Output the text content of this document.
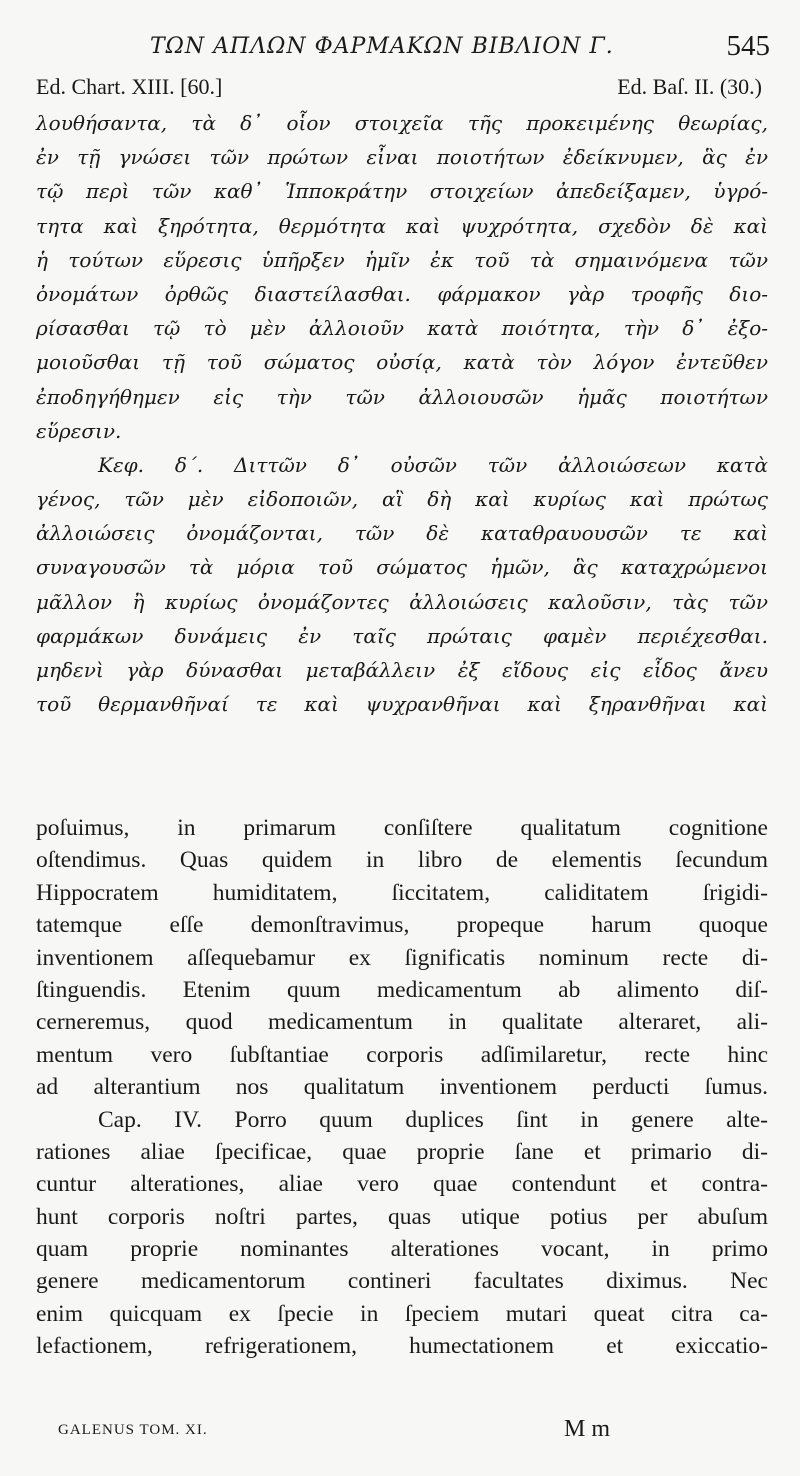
ΤΩΝ ΑΠΛΩΝ ΦΑΡΜΑΚΩΝ ΒΙΒΛΙΟΝ Γ.	545
Ed. Chart. XIII. [60.]	Ed. Baſ. II. (30.)
λουθήσαντα, τὰ δ᾽ οἷον στοιχεῖα τῆς προκειμένης θεωρίας,
ἐν τῇ γνώσει τῶν πρώτων εἶναι ποιοτήτων ἐδείκνυμεν, ἃς ἐν
τῷ περὶ τῶν καθ᾽ Ἱπποκράτην στοιχείων ἀπεδείξαμεν, ὑγρό-
τητα καὶ ξηρότητα, θερμότητα καὶ ψυχρότητα, σχεδὸν δὲ καὶ
ἡ τούτων εὕρεσις ὑπῆρξεν ἡμῖν ἐκ τοῦ τὰ σημαινόμενα τῶν
ὀνομάτων ὀρθῶς διαστείλασθαι. φάρμακον γὰρ τροφῆς διο-
ρίσασθαι τῷ τὸ μὲν ἀλλοιοῦν κατὰ ποιότητα, τὴν δ᾽ ἐξο-
μοιοῦσθαι τῇ τοῦ σώματος οὐσίᾳ, κατὰ τὸν λόγον ἐντεῦθεν
ἐποδηγήθημεν εἰς τὴν τῶν ἀλλοιουσῶν ἡμᾶς ποιοτήτων
εὕρεσιν.
Κεφ. δ΄. Διττῶν δ᾽ οὐσῶν τῶν ἀλλοιώσεων κατὰ
γένος, τῶν μὲν εἰδοποιῶν, αἳ δὴ καὶ κυρίως καὶ πρώτως
ἀλλοιώσεις ὀνομάζονται, τῶν δὲ καταθραυουσῶν τε καὶ
συναγουσῶν τὰ μόρια τοῦ σώματος ἡμῶν, ἃς καταχρώμενοι
μᾶλλον ἢ κυρίως ὀνομάζοντες ἀλλοιώσεις καλοῦσιν, τὰς τῶν
φαρμάκων δυνάμεις ἐν ταῖς πρώταις φαμὲν περιέχεσθαι.
μηδενὶ γὰρ δύνασθαι μεταβάλλειν ἐξ εἴδους εἰς εἶδος ἄνευ
τοῦ θερμανθῆναί τε καὶ ψυχρανθῆναι καὶ ξηρανθῆναι καὶ
poſuimus, in primarum conſiſtere qualitatum cognitione
oſtendimus. Quas quidem in libro de elementis ſecundum
Hippocratem humiditatem, ſiccitatem, caliditatem ſrigidi-
tatemque eſſe demonſtravimus, propeque harum quoque
inventionem aſſequebamur ex ſignificatis nominum recte di-
ſtinguendis. Etenim quum medicamentum ab alimento diſ-
cerneremus, quod medicamentum in qualitate alteraret, ali-
mentum vero ſubſtantiae corporis adſimilaretur, recte hinc
ad alterantium nos qualitatum inventionem perducti ſumus.
Cap. IV. Porro quum duplices ſint in genere alte-
rationes aliae ſpecificae, quae proprie ſane et primario di-
cuntur alterationes, aliae vero quae contendunt et contra-
hunt corporis noſtri partes, quas utique potius per abuſum
quam proprie nominantes alterationes vocant, in primo
genere medicamentorum contineri facultates diximus. Nec
enim quicquam ex ſpecie in ſpeciem mutari queat citra ca-
lefactionem, refrigerationem, humectationem et exiccatio-
GALENUS TOM. XI.	M m
